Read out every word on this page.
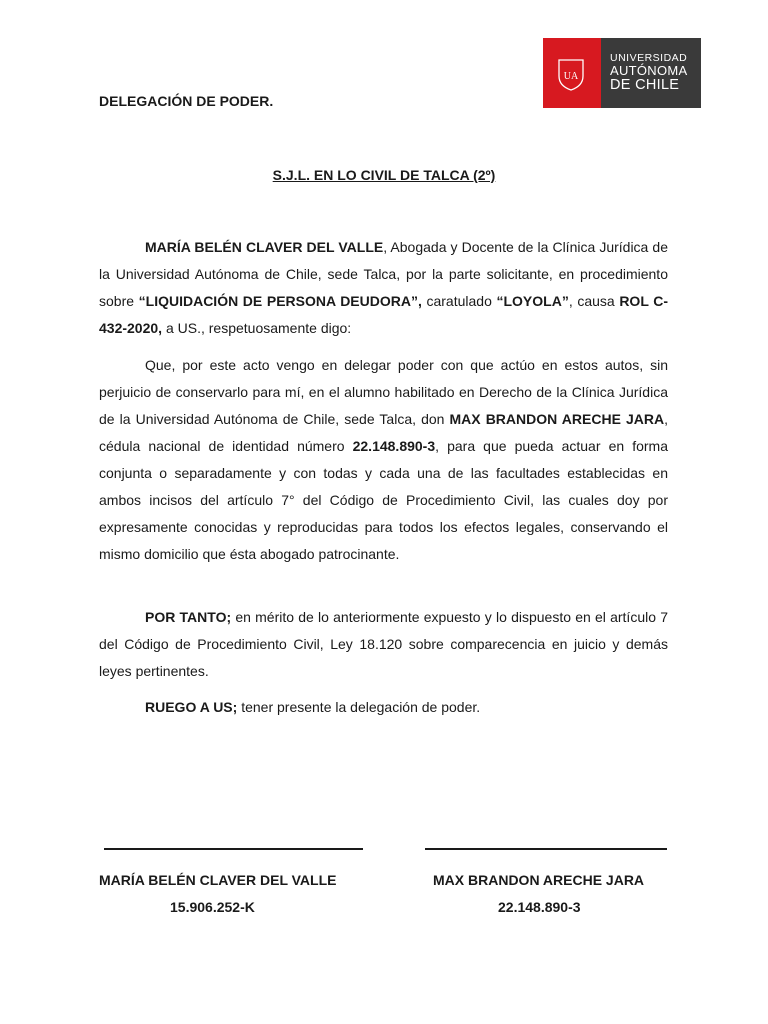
UA
UNIVERSIDAD
AUTÓNOMA
DE CHILE
DELEGACIÓN DE PODER.
S.J.L. EN LO CIVIL DE TALCA (2º)

MARÍA BELÉN CLAVER DEL VALLE, Abogada y Docente de la Clínica Jurídica de la Universidad Autónoma de Chile, sede Talca, por la parte solicitante, en procedimiento sobre “LIQUIDACIÓN DE PERSONA DEUDORA”, caratulado “LOYOLA”, causa ROL C-432-2020, a US., respetuosamente digo:

Que, por este acto vengo en delegar poder con que actúo en estos autos, sin perjuicio de conservarlo para mí, en el alumno habilitado en Derecho de la Clínica Jurídica de la Universidad Autónoma de Chile, sede Talca, don MAX BRANDON ARECHE JARA, cédula nacional de identidad número 22.148.890-3, para que pueda actuar en forma conjunta o separadamente y con todas y cada una de las facultades establecidas en ambos incisos del artículo 7° del Código de Procedimiento Civil, las cuales doy por expresamente conocidas y reproducidas para todos los efectos legales, conservando el mismo domicilio que ésta abogado patrocinante.

POR TANTO; en mérito de lo anteriormente expuesto y lo dispuesto en el artículo 7 del Código de Procedimiento Civil, Ley 18.120 sobre comparecencia en juicio y demás leyes pertinentes.

RUEGO A US; tener presente la delegación de poder.

MARÍA BELÉN CLAVER DEL VALLE	MAX BRANDON ARECHE JARA
15.906.252-K	22.148.890-3
